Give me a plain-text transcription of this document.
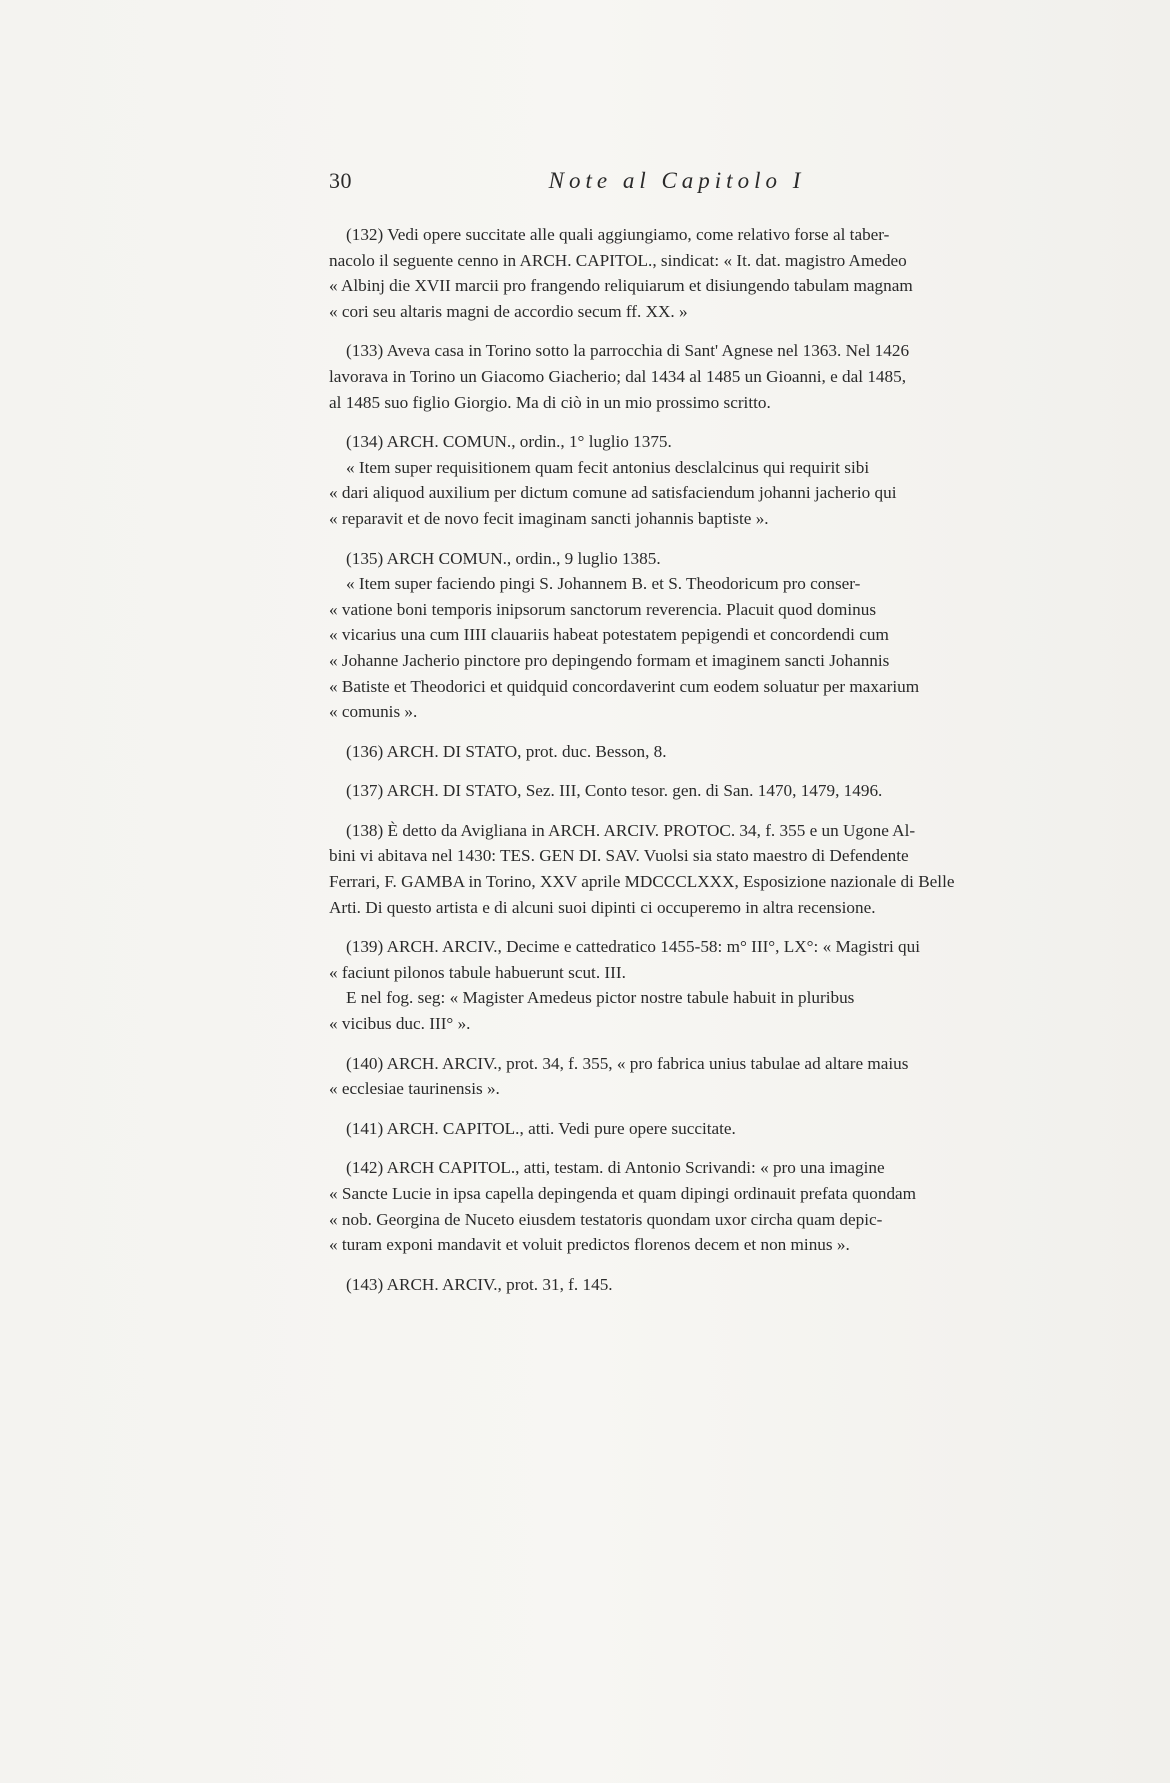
30	Note al Capitolo I

(132) Vedi opere succitate alle quali aggiungiamo, come relativo forse al taber-

nacolo il seguente cenno in ARCH. CAPITOL., sindicat: « It. dat. magistro Amedeo

« Albinj die XVII marcii pro frangendo reliquiarum et disiungendo tabulam magnam

« cori seu altaris magni de accordio secum ff. XX. »

(133) Aveva casa in Torino sotto la parrocchia di Sant' Agnese nel 1363. Nel 1426

lavorava in Torino un Giacomo Giacherio; dal 1434 al 1485 un Gioanni, e dal 1485,

al 1485 suo figlio Giorgio. Ma di ciò in un mio prossimo scritto.

(134) ARCH. COMUN., ordin., 1° luglio 1375.

« Item super requisitionem quam fecit antonius desclalcinus qui requirit sibi

« dari aliquod auxilium per dictum comune ad satisfaciendum johanni jacherio qui

« reparavit et de novo fecit imaginam sancti johannis baptiste ».

(135) ARCH COMUN., ordin., 9 luglio 1385.

« Item super faciendo pingi S. Johannem B. et S. Theodoricum pro conser-

« vatione boni temporis inipsorum sanctorum reverencia. Placuit quod dominus

« vicarius una cum IIII clauariis habeat potestatem pepigendi et concordendi cum

« Johanne Jacherio pinctore pro depingendo formam et imaginem sancti Johannis

« Batiste et Theodorici et quidquid concordaverint cum eodem soluatur per maxarium

« comunis ».

(136) ARCH. DI STATO, prot. duc. Besson, 8.

(137) ARCH. DI STATO, Sez. III, Conto tesor. gen. di San. 1470, 1479, 1496.

(138) È detto da Avigliana in ARCH. ARCIV. PROTOC. 34, f. 355 e un Ugone Al-

bini vi abitava nel 1430: TES. GEN DI. SAV. Vuolsi sia stato maestro di Defendente

Ferrari, F. GAMBA in Torino, XXV aprile MDCCCLXXX, Esposizione nazionale di Belle

Arti. Di questo artista e di alcuni suoi dipinti ci occuperemo in altra recensione.

(139) ARCH. ARCIV., Decime e cattedratico 1455-58: m° III°, LX°: « Magistri qui

« faciunt pilonos tabule habuerunt scut. III.

E nel fog. seg: « Magister Amedeus pictor nostre tabule habuit in pluribus

« vicibus duc. III° ».

(140) ARCH. ARCIV., prot. 34, f. 355, « pro fabrica unius tabulae ad altare maius

« ecclesiae taurinensis ».

(141) ARCH. CAPITOL., atti. Vedi pure opere succitate.

(142) ARCH CAPITOL., atti, testam. di Antonio Scrivandi: « pro una imagine

« Sancte Lucie in ipsa capella depingenda et quam dipingi ordinauit prefata quondam

« nob. Georgina de Nuceto eiusdem testatoris quondam uxor circha quam depic-

« turam exponi mandavit et voluit predictos florenos decem et non minus ».

(143) ARCH. ARCIV., prot. 31, f. 145.
